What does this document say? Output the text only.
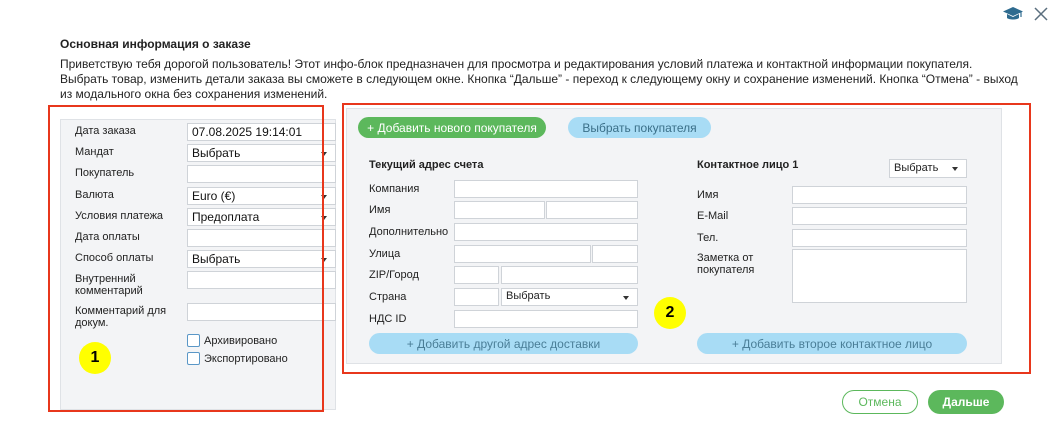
Основная информация о заказе
Приветствую тебя дорогой пользователь! Этот инфо-блок предназначен для просмотра и редактирования условий платежа и контактной информации покупателя. Выбрать товар, изменить детали заказа вы сможете в следующем окне. Кнопка “Дальше” - переход к следующему окну и сохранение изменений. Кнопка “Отмена” - выход из модального окна без сохранения изменений.
Дата заказа	07.08.2025 19:14:01
Мандат	Выбрать
Покупатель
Валюта	Euro (€)
Условия платежа	Предоплата
Дата оплаты
Способ оплаты	Выбрать
Внутренний комментарий
Комментарий для докум.
Архивировано
Экспортировано
+ Добавить нового покупателя	Выбрать покупателя
Текущий адрес счета
Компания
Имя
Дополнительно
Улица
ZIP/Город
Страна	Выбрать
НДС ID
+ Добавить другой адрес доставки
Контактное лицо 1	Выбрать
Имя
E-Mail
Тел.
Заметка от покупателя
+ Добавить второе контактное лицо
1
2
Отмена	Дальше
